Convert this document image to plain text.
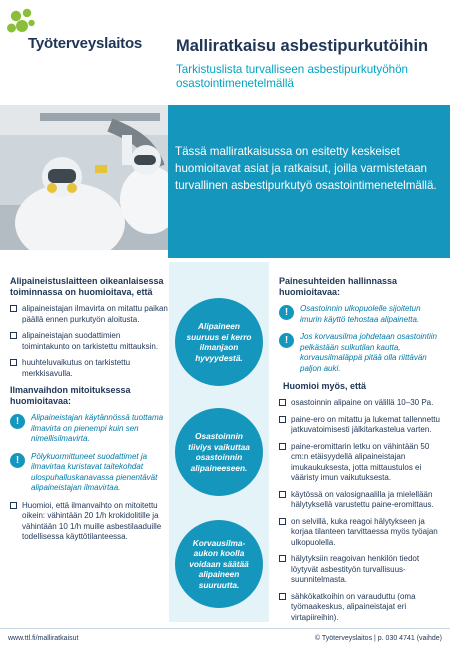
Työterveyslaitos Malliratkaisu asbestipurkutöihin
Tarkistuslista turvalliseen asbestipurkutyöhön osastointimenetelmällä
Tässä malliratkaisussa on esitetty keskeiset huomioitavat asiat ja ratkaisut, joilla varmistetaan turvallinen asbestipurkutyö osastointimenetelmällä.
Alipaineistuslaitteen oikeanlaisessa toiminnassa on huomioitava, että
alipaineistajan ilmavirta on mitattu paikan päällä ennen purkutyön aloitusta.
alipaineistajan suodattimien toimintakunto on tarkistettu mittauksin.
huuhteluvaikutus on tarkistettu merkkisavulla.
Ilmanvaihdon mitoituksessa huomioitavaa:
!	Alipaineistajan käytännössä tuottama ilmavirta on pienempi kuin sen nimellisilmavirta.
!	Pölykuormittuneet suodattimet ja ilmavirtaa kuristavat taitekohdat ulospuhalluskanavassa pienentävät alipaineistajan ilmavirtaa.
Huomioi, että ilmanvaihto on mitoitettu oikein: vähintään 20 1/h krokidolitille ja vähintään 10 1/h muille asbestilaaduille todellisessa käyttötilanteessa.
Alipaineen suuruus ei kerro ilmanjaon hyvyydestä.
Osastoinnin tiiviys vaikuttaa osastoinnin alipaineeseen.
Korvausilma-aukon koolla voidaan säätää alipaineen suuruutta.
Painesuhteiden hallinnassa huomioitavaa:
!	Osastoinnin ulkopuolelle sijoitetun imurin käyttö tehostaa alipainetta.
!	Jos korvausilma johdetaan osastointiin pelkästään sulkutilan kautta, korvausilmaläppä pitää olla riittävän paljon auki.
Huomioi myös, että
osastoinnin alipaine on välillä 10–30 Pa.
paine-ero on mitattu ja lukemat tallennettu jatkuvatoimisesti jälkitarkastelua varten.
paine-eromittarin letku on vähintään 50 cm:n etäisyydellä alipaineistajan imukaukuksesta, jotta mittaustulos ei vääristy imun vaikutuksesta.
käytössä on valosignaalilla ja mielellään hälytyksellä varustettu paine-eromittaus.
on selvillä, kuka reagoi hälytykseen ja korjaa tilanteen tarvittaessa myös työajan ulkopuolella.
hälytyksiin reagoivan henkilön tiedot löytyvät asbestityön turvallisuus-suunnitelmasta.
sähkökatkoihin on varauduttu (oma työmaakeskus, alipaineistajat eri virtapiireihin).
www.ttl.fi/malliratkaisut	© Työterveyslaitos | p. 030 4741 (vaihde)
